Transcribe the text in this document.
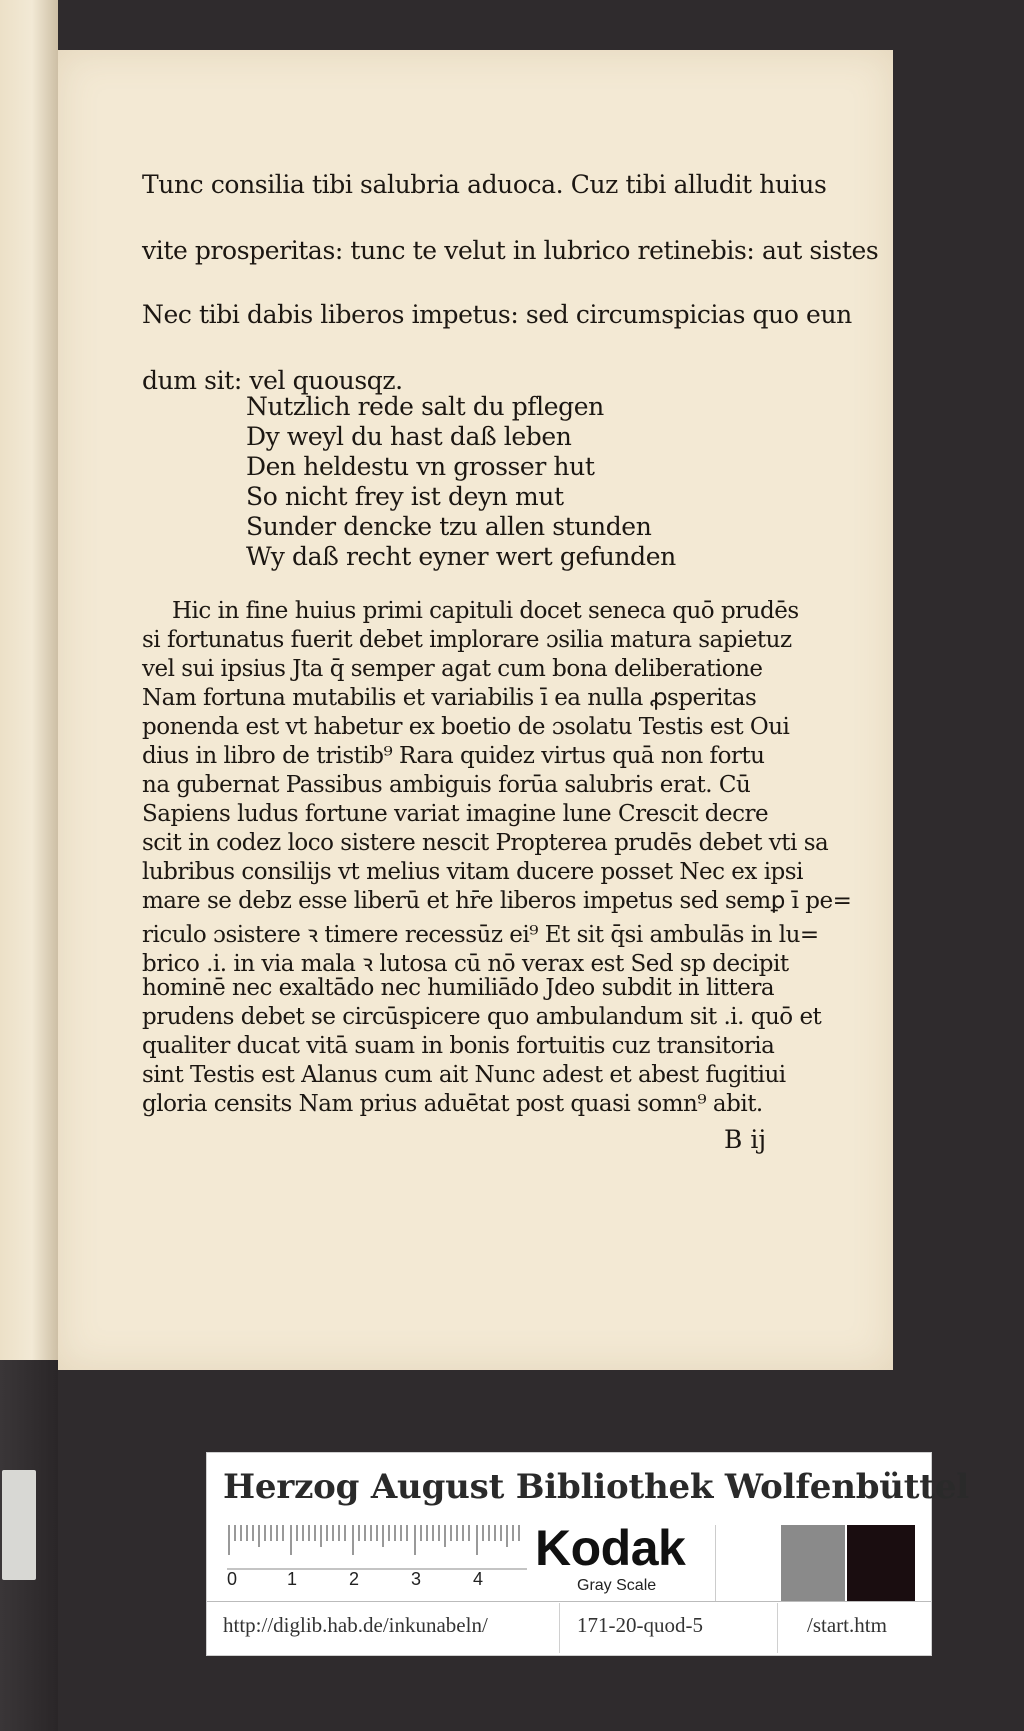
Tunc consilia tibi salubria aduoca. Cuz tibi alludit huius
vite prosperitas: tunc te velut in lubrico retinebis: aut sistes
Nec tibi dabis liberos impetus: sed circumspicias quo eun
dum sit: vel quousqz.
Nutzlich rede salt du pflegen
Dy weyl du hast daß leben
Den heldestu vn grosser hut
So nicht frey ist deyn mut
Sunder dencke tzu allen stunden
Wy daß recht eyner wert gefunden
Hic in fine huius primi capituli docet seneca quō prudēs
si fortunatus fuerit debet implorare ɔsilia matura sapietuz
vel sui ipsius Jta q̄ semper agat cum bona deliberatione
Nam fortuna mutabilis et variabilis ī ea nulla ꝓsperitas
ponenda est vt habetur ex boetio de ɔsolatu Testis est Oui
dius in libro de tristib⁹ Rara quidez virtus quā non fortu
na gubernat Passibus ambiguis forūa salubris erat. Cū
Sapiens ludus fortune variat imagine lune Crescit decre
scit in codez loco sistere nescit Propterea prudēs debet vti sa
lubribus consilijs vt melius vitam ducere posset Nec ex ipsi
mare se debz esse liberū et hr̄e liberos impetus sed semꝑ ī pe=
riculo ɔsistere ꝛ timere recessūz ei⁹ Et sit q̄si ambulās in lu=
brico .i. in via mala ꝛ lutosa cū nō verax est Sed sp decipit
hominē nec exaltādo nec humiliādo Jdeo subdit in littera
prudens debet se circūspicere quo ambulandum sit .i. quō et
qualiter ducat vitā suam in bonis fortuitis cuz transitoria
sint Testis est Alanus cum ait Nunc adest et abest fugitiui
gloria censits Nam prius aduētat post quasi somn⁹ abit.
B ij
Herzog August Bibliothek Wolfenbüttel
0	1	2	3	4
Kodak
Gray Scale
http://diglib.hab.de/inkunabeln/	171-20-quod-5	/start.htm
